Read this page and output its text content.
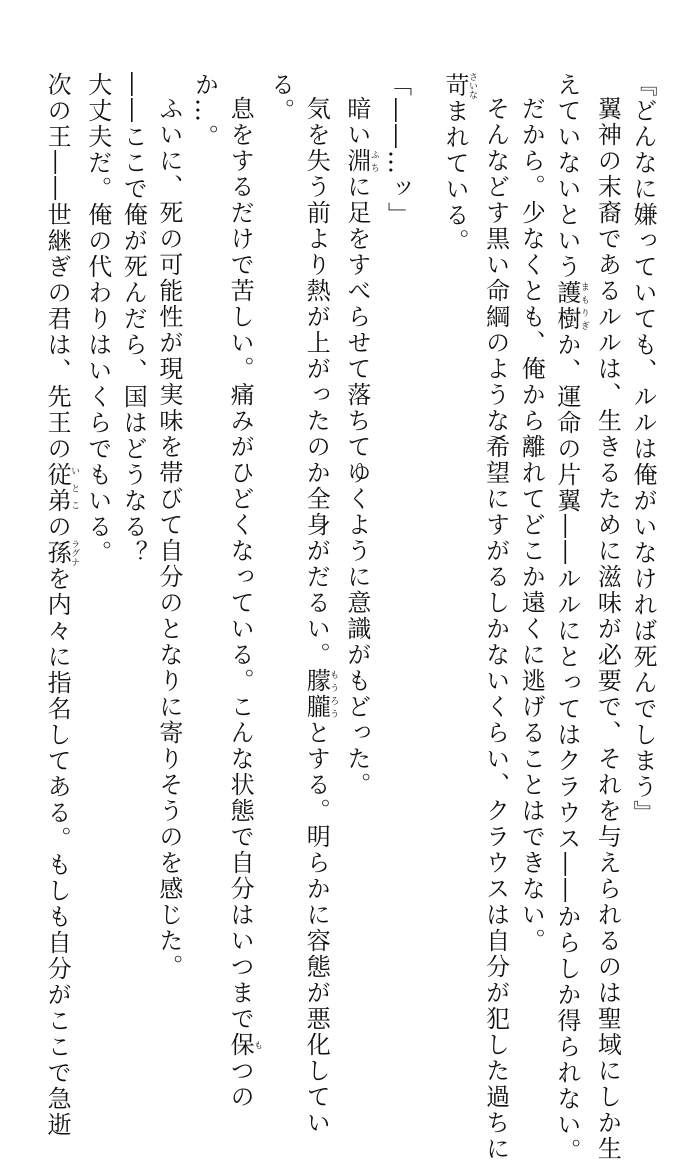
『どんなに嫌っていても、ルルは俺がいなければ死んでしまう』

翼神の末裔であるルルは、生きるために滋味が必要で、それを与えられるのは聖域にしか生

えていないという護樹まもりぎか、運命の片翼――ルルにとってはクラウス――からしか得られない。

だから。少なくとも、俺から離れてどこか遠くに逃げることはできない。

そんなどす黒い命綱のような希望にすがるしかないくらい、クラウスは自分が犯した過ちに

苛さいなまれている。

「――…ッ」

暗い淵ふちに足をすべらせて落ちてゆくように意識がもどった。

気を失う前より熱が上がったのか全身がだるい。朦朧もうろうとする。明らかに容態が悪化してい

る。

息をするだけで苦しい。痛みがひどくなっている。こんな状態で自分はいつまで保もつの

か…。

ふいに、死の可能性が現実味を帯びて自分のとなりに寄りそうのを感じた。

――ここで俺が死んだら、国はどうなる？

大丈夫だ。俺の代わりはいくらでもいる。

次の王――世継ぎの君は、先王の従弟いとこの孫ラグナを内々に指名してある。もしも自分がここで急逝
